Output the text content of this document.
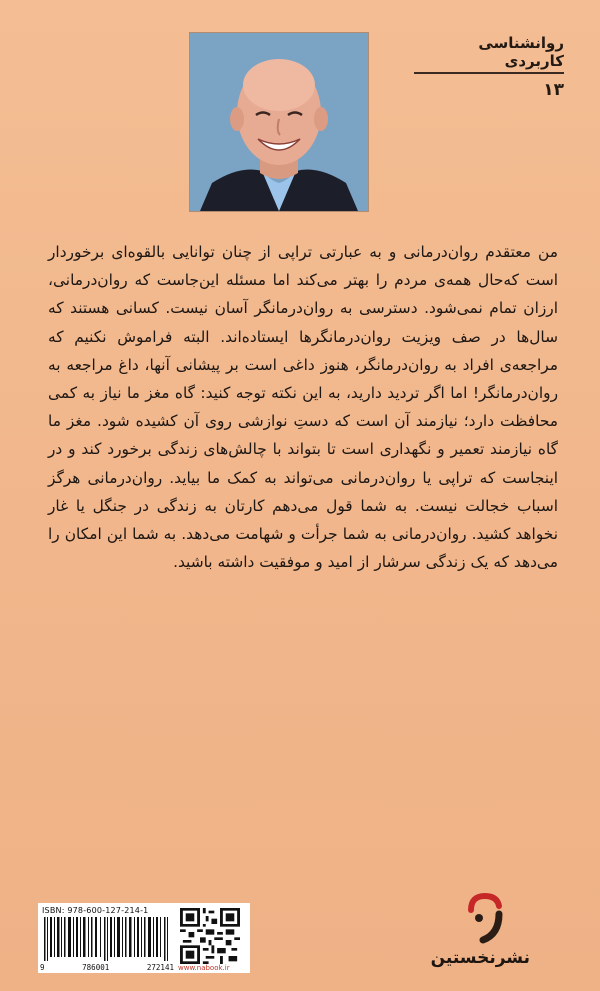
روانشناسی کاربردی
۱۳
من معتقدم روان‌درمانی و به عبارتی تراپی از چنان توانایی بالقوه‌ای برخوردار است که‌حال همه‌ی مردم را بهتر می‌کند اما مسئله این‌جاست که روان‌درمانی، ارزان تمام نمی‌شود. دسترسی به روان‌درمانگر آسان نیست. کسانی هستند که سال‌ها در صف ویزیت روان‌درمانگرها ایستاده‌اند. البته فراموش نکنیم که مراجعه‌ی افراد به روان‌درمانگر، هنوز داغی است بر پیشانی آنها، داغ مراجعه به روان‌درمانگر! اما اگر تردید دارید، به این نکته توجه کنید: گاه مغز ما نیاز به کمی محافظت دارد؛ نیازمند آن است که دستِ نوازشی روی آن کشیده شود. مغز ما گاه نیازمند تعمیر و نگهداری است تا بتواند با چالش‌های زندگی برخورد کند و در اینجاست که تراپی یا روان‌درمانی می‌تواند به کمک ما بیاید. روان‌درمانی هرگز اسباب خجالت نیست. به شما قول می‌دهم کارتان به زندگی در جنگل یا غار نخواهد کشید. روان‌درمانی به شما جرأت و شهامت می‌دهد. به شما این امکان را می‌دهد که یک زندگی سرشار از امید و موفقیت داشته باشید.
ISBN: 978-600-127-214-1
9	786001	272141 www.nabook.ir	نشرنخستین
